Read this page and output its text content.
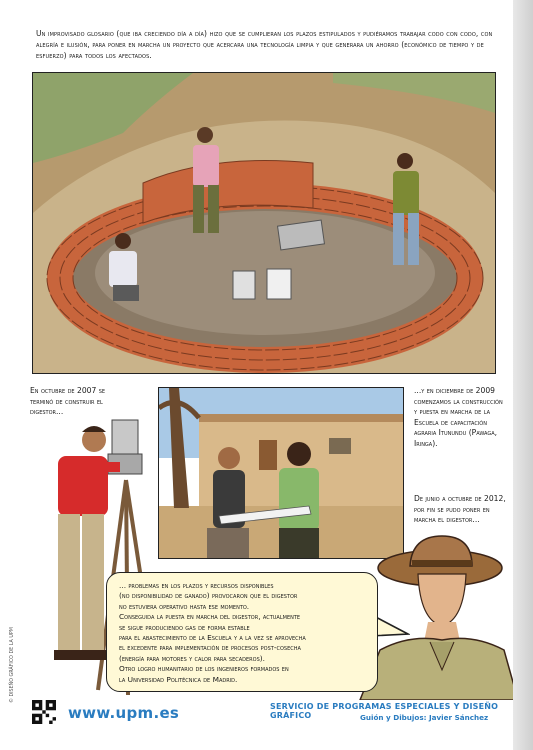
Un improvisado glosario (que iba creciendo día a día) hizo que se cumplieran los plazos estipulados y pudiéramos trabajar codo con codo, con alegría e ilusión, para poner en marcha un proyecto que acercara una tecnología limpia y que generara un ahorro (económico de tiempo y de esfuerzo) para todos los afectados.
En octubre de 2007 se terminó de construir el digestor...
...y en diciembre de 2009 comenzamos la construcción y puesta en marcha de la Escuela de capacitación agraria Itunundu (Pawaga, Iringa).
De junio a octubre de 2012, por fin se pudo poner en marcha el digestor...
... problemas en los plazos y recursos disponibles
(no disponibilidad de ganado) provocaron que el digestor
no estuviera operativo hasta ese momento.
Conseguida la puesta en marcha del digestor, actualmente
se sigue produciendo gas de forma estable
para el abastecimiento de la Escuela y a la vez se aprovecha
el excedente para implementación de procesos post-cosecha
(energía para motores y calor para secaderos).
Otro logro humanitario de los ingenieros formados en
la Universidad Politécnica de Madrid.
© DISEÑO GRÁFICO DE LA UPM
www.upm.es	SERVICIO DE PROGRAMAS ESPECIALES Y DISEÑO GRÁFICO	Guión y Dibujos: Javier Sánchez
